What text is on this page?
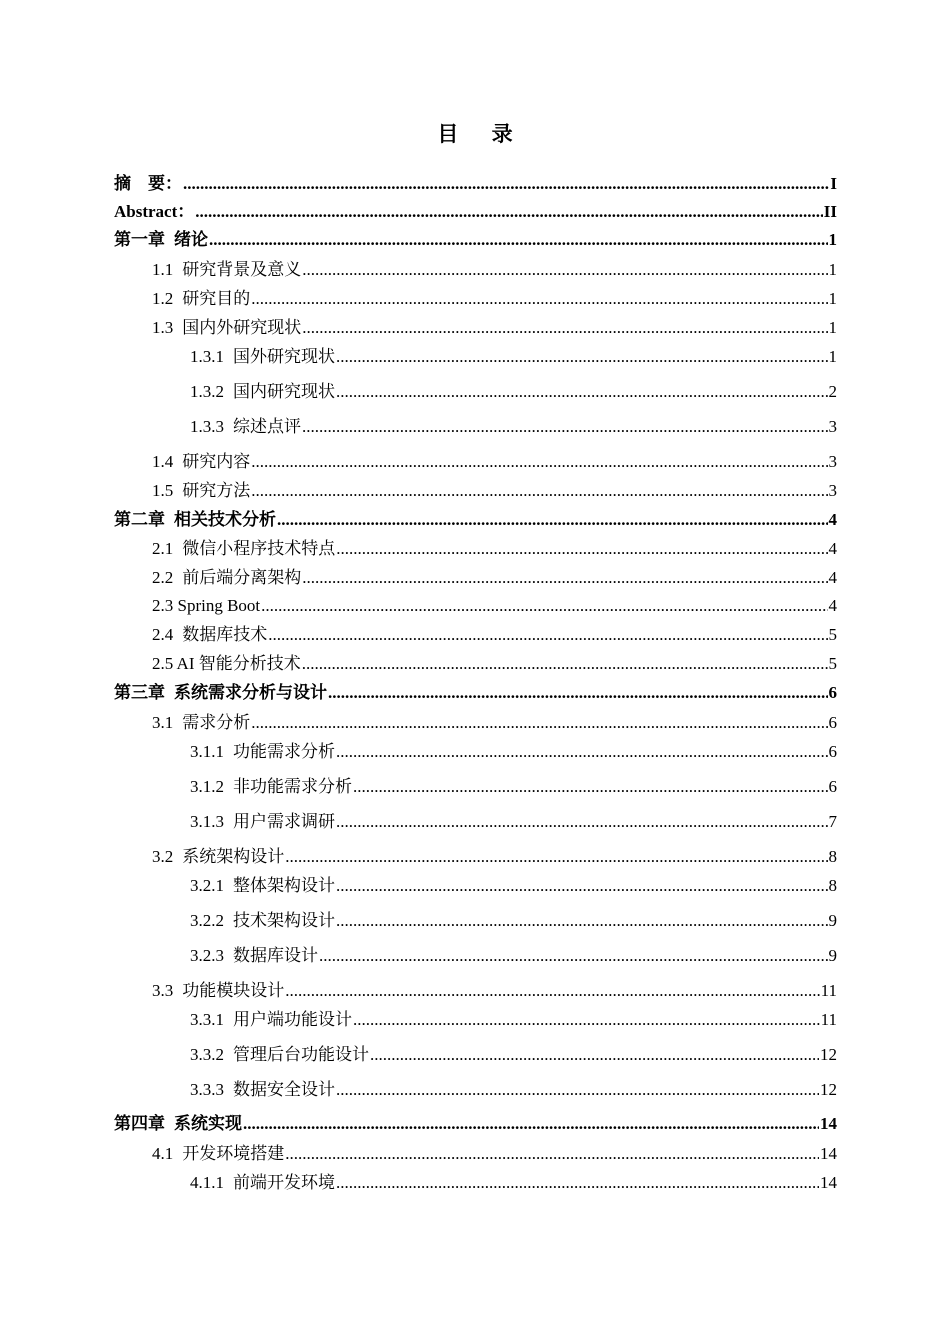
目 录
摘　要： .....	I
Abstract： .....	II
第一章 绪论 .....	1
1.1 研究背景及意义 .....	1
1.2 研究目的 .....	1
1.3 国内外研究现状 .....	1
1.3.1 国外研究现状 .....	1
1.3.2 国内研究现状 .....	2
1.3.3 综述点评 .....	3
1.4 研究内容 .....	3
1.5 研究方法 .....	3
第二章 相关技术分析 .....	4
2.1 微信小程序技术特点 .....	4
2.2 前后端分离架构 .....	4
2.3 Spring Boot .....	4
2.4 数据库技术 .....	5
2.5 AI 智能分析技术 .....	5
第三章 系统需求分析与设计 .....	6
3.1 需求分析 .....	6
3.1.1 功能需求分析 .....	6
3.1.2 非功能需求分析 .....	6
3.1.3 用户需求调研 .....	7
3.2 系统架构设计 .....	8
3.2.1 整体架构设计 .....	8
3.2.2 技术架构设计 .....	9
3.2.3 数据库设计 .....	9
3.3 功能模块设计 .....	11
3.3.1 用户端功能设计 .....	11
3.3.2 管理后台功能设计 .....	12
3.3.3 数据安全设计 .....	12
第四章 系统实现 .....	14
4.1 开发环境搭建 .....	14
4.1.1 前端开发环境 .....	14
